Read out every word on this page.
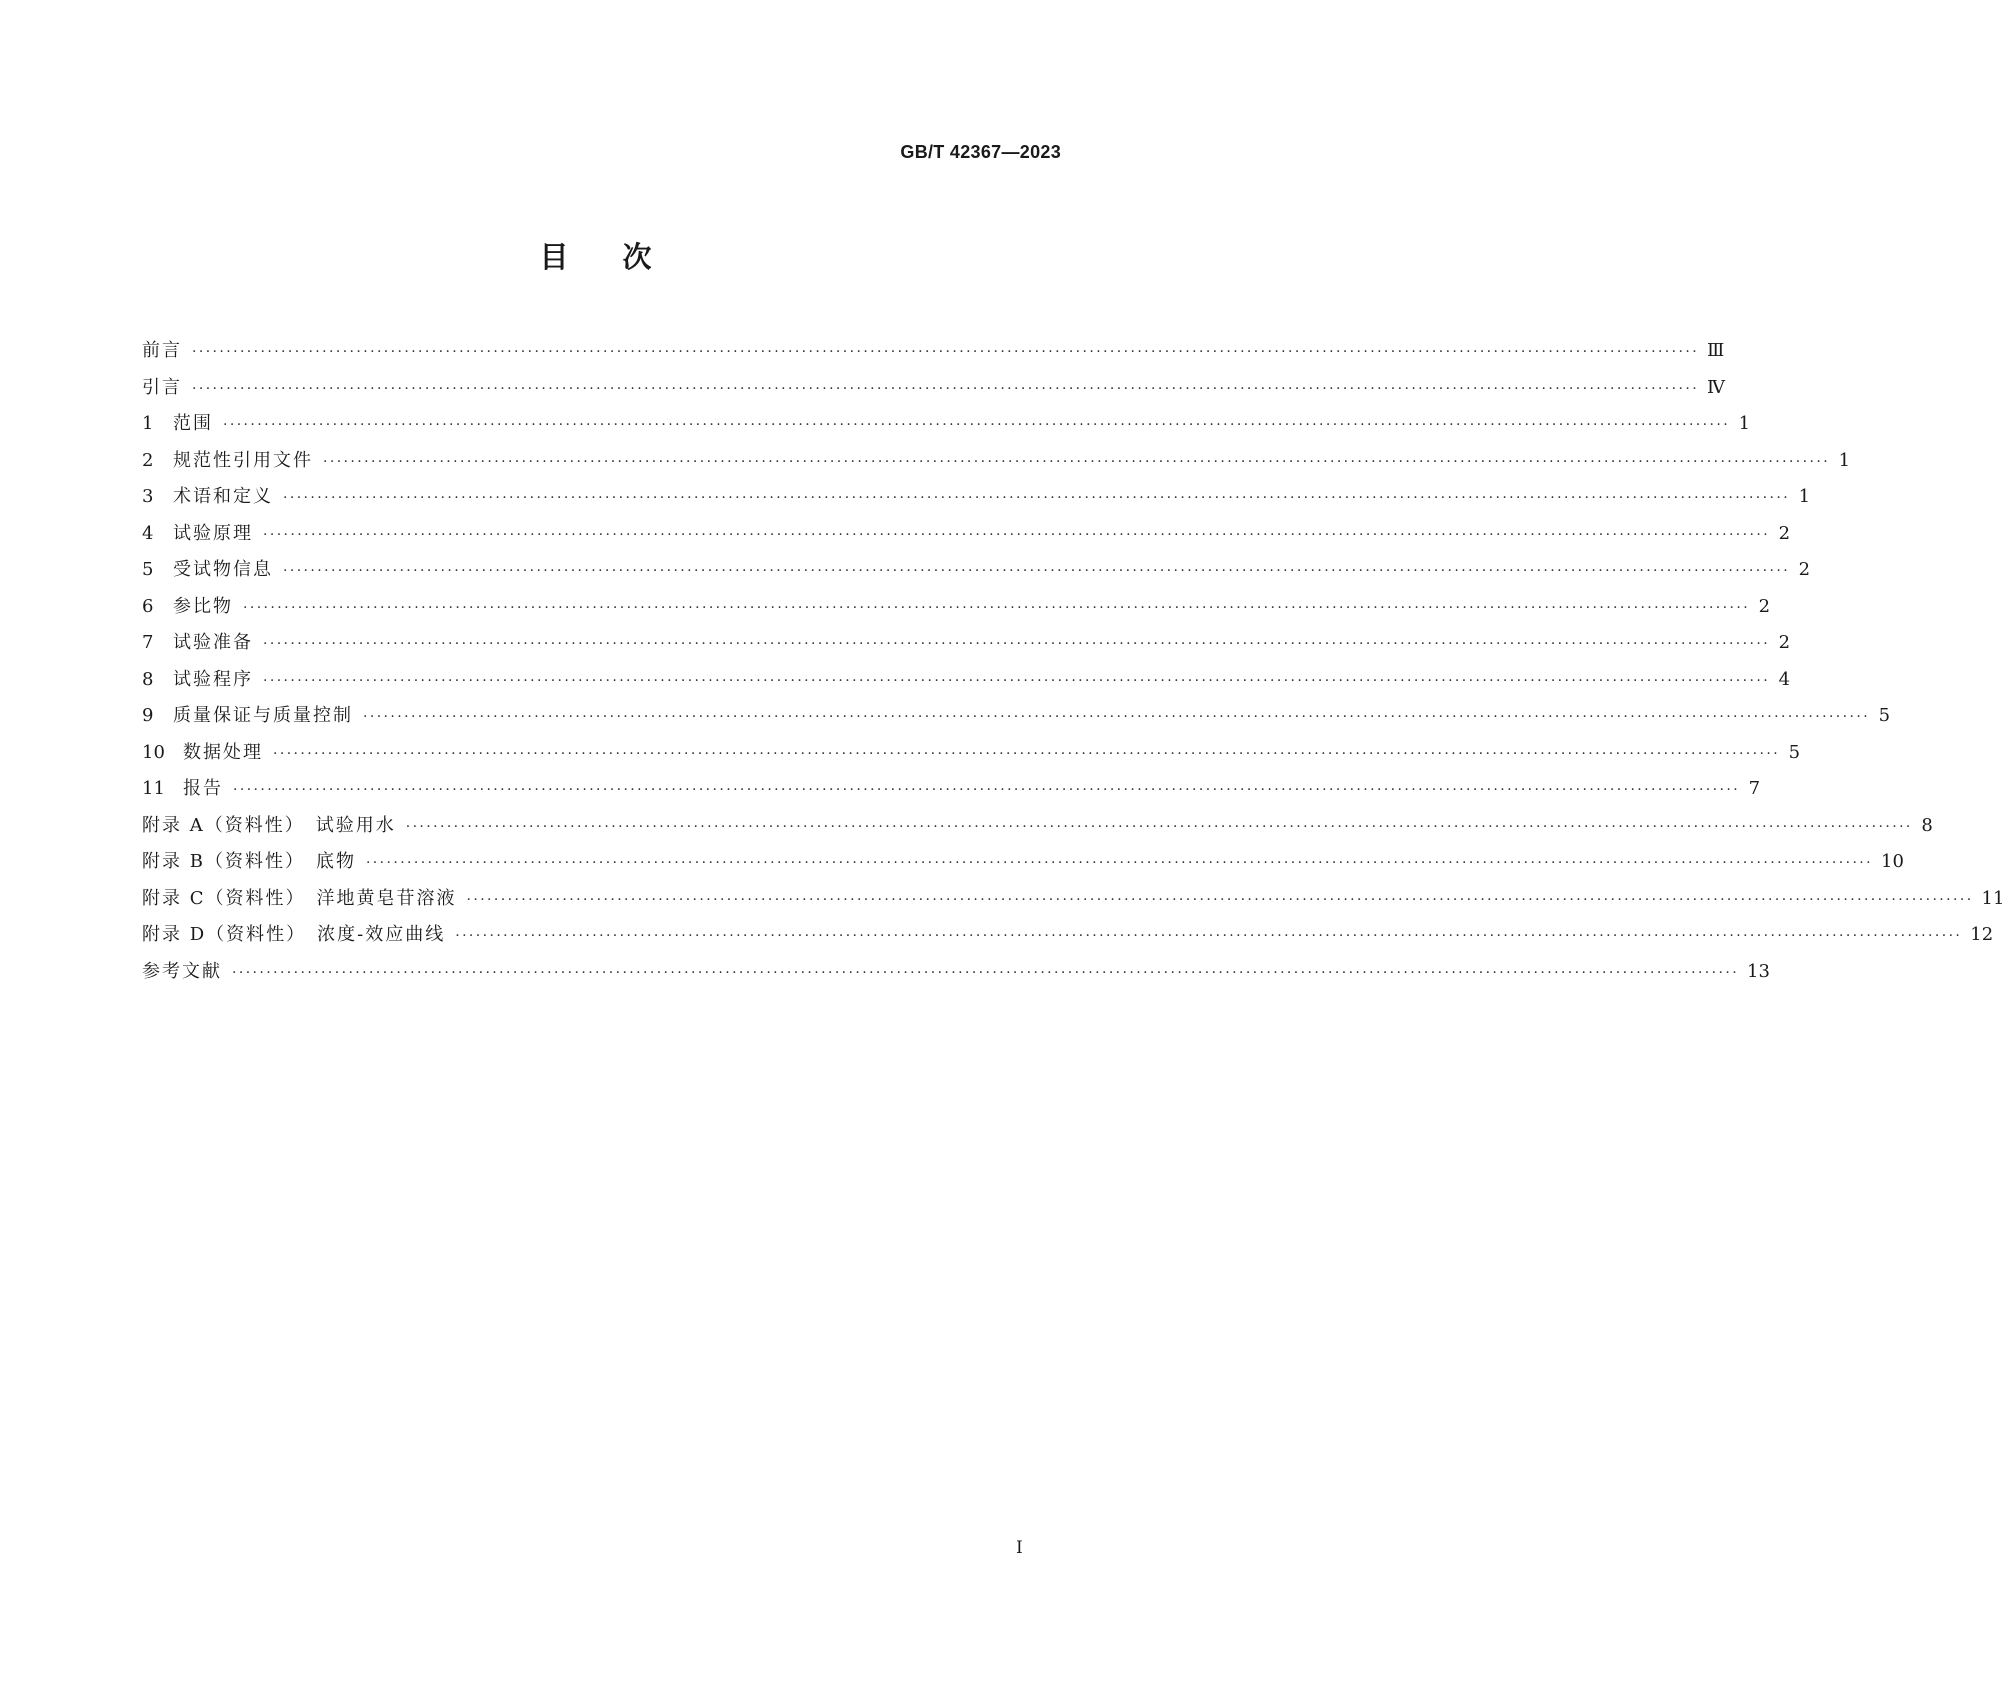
GB/T 42367—2023
目次
前言 ···························································································································································································································· Ⅲ
引言 ···························································································································································································································· Ⅳ
1 范围 ···························································································································································································································· 1
2 规范性引用文件 ···························································································································································································································· 1
3 术语和定义 ···························································································································································································································· 1
4 试验原理 ···························································································································································································································· 2
5 受试物信息 ···························································································································································································································· 2
6 参比物 ···························································································································································································································· 2
7 试验准备 ···························································································································································································································· 2
8 试验程序 ···························································································································································································································· 4
9 质量保证与质量控制 ···························································································································································································································· 5
10 数据处理 ···························································································································································································································· 5
11 报告 ···························································································································································································································· 7
附录 A（资料性）　试验用水 ···························································································································································································································· 8
附录 B（资料性）　底物 ···························································································································································································································· 10
附录 C（资料性）　洋地黄皂苷溶液 ···························································································································································································································· 11
附录 D（资料性）　浓度-效应曲线 ···························································································································································································································· 12
参考文献 ···························································································································································································································· 13
Ⅰ
